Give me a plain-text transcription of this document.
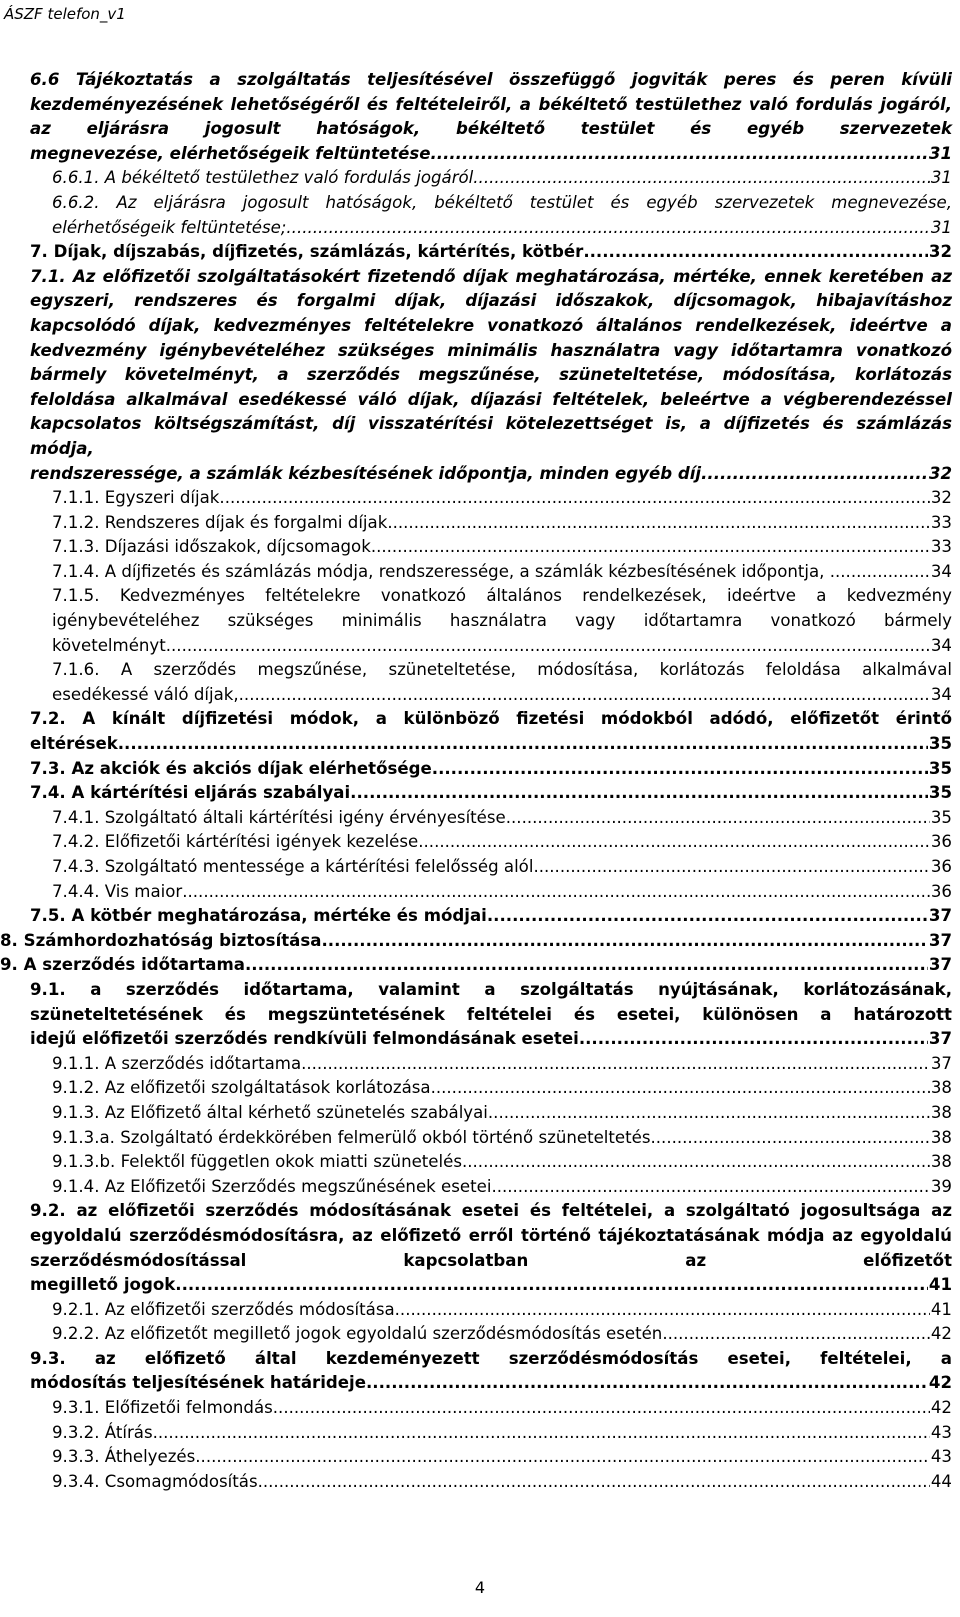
ÁSZF telefon_v1
6.6 Tájékoztatás a szolgáltatás teljesítésével összefüggő jogviták peres és peren kívüli kezdeményezésének lehetőségéről és feltételeiről, a békéltető testülethez való fordulás jogáról, az eljárásra jogosult hatóságok, békéltető testület és egyéb szervezetek
megnevezése, elérhetőségeik feltüntetése .....	31
6.6.1. A békéltető testülethez való fordulás jogáról .....	31
6.6.2. Az eljárásra jogosult hatóságok, békéltető testület és egyéb szervezetek megnevezése,
elérhetőségeik feltüntetése; .....	31
7. Díjak, díjszabás, díjfizetés, számlázás, kártérítés, kötbér .....	32
7.1. Az előfizetői szolgáltatásokért fizetendő díjak meghatározása, mértéke, ennek keretében az egyszeri, rendszeres és forgalmi díjak, díjazási időszakok, díjcsomagok, hibajavításhoz kapcsolódó díjak, kedvezményes feltételekre vonatkozó általános rendelkezések, ideértve a kedvezmény igénybevételéhez szükséges minimális használatra vagy időtartamra vonatkozó bármely követelményt, a szerződés megszűnése, szüneteltetése, módosítása, korlátozás feloldása alkalmával esedékessé váló díjak, díjazási feltételek, beleértve a végberendezéssel kapcsolatos költségszámítást, díj visszatérítési kötelezettséget is, a díjfizetés és számlázás módja,
rendszeressége, a számlák kézbesítésének időpontja, minden egyéb díj .....	32
7.1.1. Egyszeri díjak .....	32
7.1.2. Rendszeres díjak és forgalmi díjak .....	33
7.1.3. Díjazási időszakok, díjcsomagok .....	33
7.1.4. A díjfizetés és számlázás módja, rendszeressége, a számlák kézbesítésének időpontja, . .....	34
7.1.5. Kedvezményes feltételekre vonatkozó általános rendelkezések, ideértve a kedvezmény igénybevételéhez szükséges minimális használatra vagy időtartamra vonatkozó bármely
követelményt .....	34
7.1.6. A szerződés megszűnése, szüneteltetése, módosítása, korlátozás feloldása alkalmával
esedékessé váló díjak, .....	34
7.2. A kínált díjfizetési módok, a különböző fizetési módokból adódó, előfizetőt érintő
eltérések .....	35
7.3. Az akciók és akciós díjak elérhetősége .....	35
7.4. A kártérítési eljárás szabályai .....	35
7.4.1. Szolgáltató általi kártérítési igény érvényesítése .....	35
7.4.2. Előfizetői kártérítési igények kezelése .....	36
7.4.3. Szolgáltató mentessége a kártérítési felelősség alól .....	36
7.4.4. Vis maior .....	36
7.5. A kötbér meghatározása, mértéke és módjai .....	37
8. Számhordozhatóság biztosítása .....	37
9. A szerződés időtartama .....	37
9.1. a szerződés időtartama, valamint a szolgáltatás nyújtásának, korlátozásának, szüneteltetésének és megszüntetésének feltételei és esetei, különösen a határozott
idejű előfizetői szerződés rendkívüli felmondásának esetei .....	37
9.1.1. A szerződés időtartama .....	37
9.1.2. Az előfizetői szolgáltatások korlátozása .....	38
9.1.3. Az Előfizető által kérhető szünetelés szabályai .....	38
9.1.3.a. Szolgáltató érdekkörében felmerülő okból történő szüneteltetés .....	38
9.1.3.b. Felektől független okok miatti szünetelés .....	38
9.1.4. Az Előfizetői Szerződés megszűnésének esetei .....	39
9.2. az előfizetői szerződés módosításának esetei és feltételei, a szolgáltató jogosultsága az egyoldalú szerződésmódosításra, az előfizető erről történő tájékoztatásának módja az egyoldalú szerződésmódosítással kapcsolatban az előfizetőt
megillető jogok .....	41
9.2.1. Az előfizetői szerződés módosítása .....	41
9.2.2. Az előfizetőt megillető jogok egyoldalú szerződésmódosítás esetén .....	42
9.3. az előfizető által kezdeményezett szerződésmódosítás esetei, feltételei, a
módosítás teljesítésének határideje .....	42
9.3.1. Előfizetői felmondás .....	42
9.3.2. Átírás .....	43
9.3.3. Áthelyezés .....	43
9.3.4. Csomagmódosítás .....	44
4
